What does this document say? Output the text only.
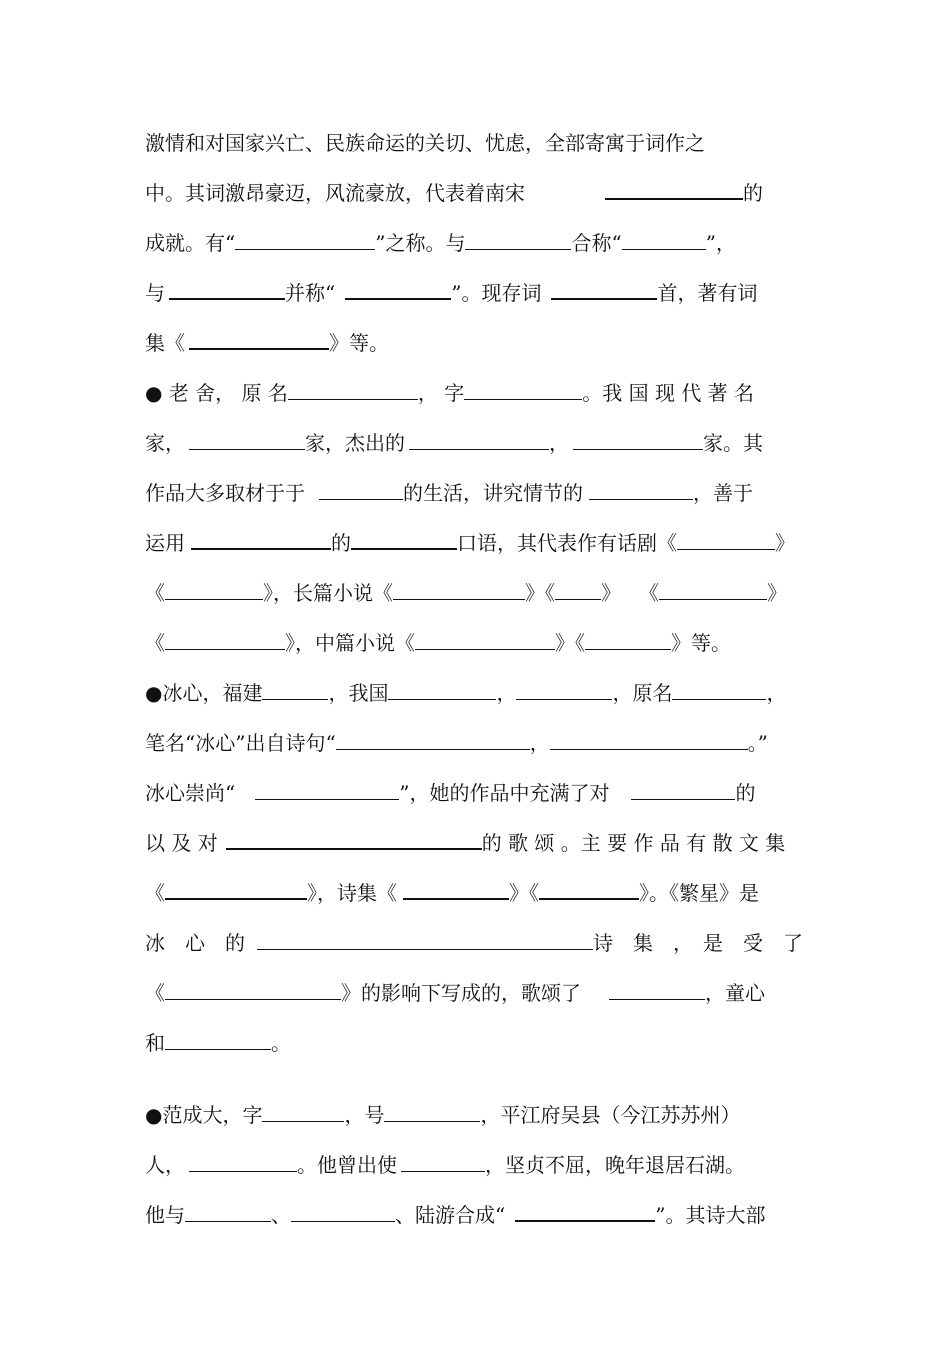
激情和对国家兴亡、民族命运的关切、忧虑，全部寄寓于词作之
中。其词激昂豪迈，风流豪放，代表着南宋	的
成就。有“	”之称。与	合称“	”，
与	并称“	”。现存词	首，著有词
集《	》等。
● 老 舍， 原 名	， 字	。我 国 现 代 著 名
家，	家，杰出的	，	家。其
作品大多取材于于	的生活，讲究情节的	，善于
运用	的	口语，其代表作有话剧《	》
《	》，长篇小说《	》《 》 《	》
《	》，中篇小说《	》《	》等。
●冰心，福建	，我国	，	，原名	，
笔名“冰心”出自诗句“	，	。”
冰心崇尚“	”，她的作品中充满了对	的
以 及 对	的 歌 颂 。主 要 作 品 有 散 文 集
《	》，诗集《	》《	》。《繁星》是
冰　心　的	诗　集　，　是　受　了
《	》的影响下写成的，歌颂了	，童心
和	。
●范成大，字	，号	，平江府吴县（今江苏苏州）
人，	。他曾出使	，坚贞不屈，晚年退居石湖。
他与	、	、陆游合成“	”。其诗大部
